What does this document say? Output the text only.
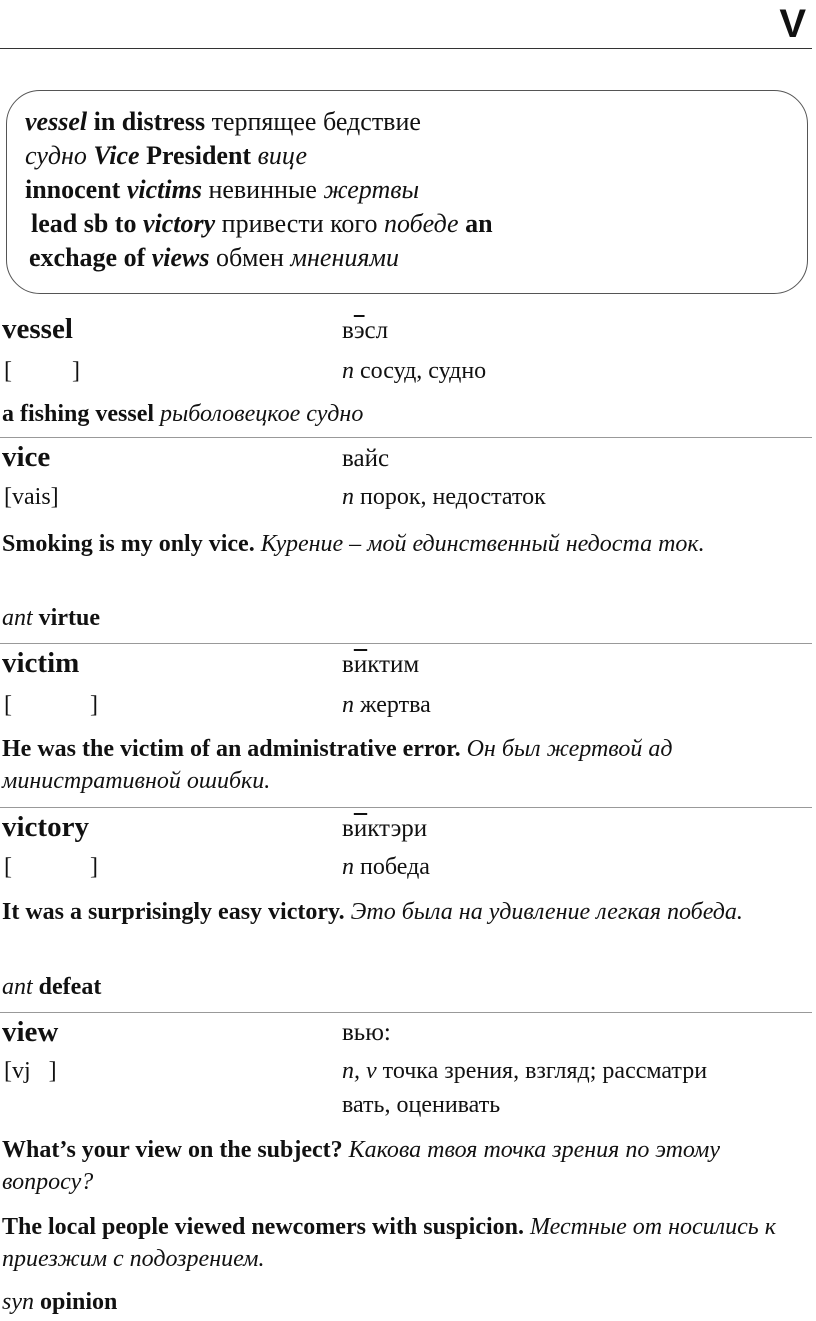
V
vessel in distress терпящее бедствие
судно Vice President вице
innocent victims невинные жертвы
lead sb to victory привести кого победе an
exchage of views обмен мнениями
vessel	вэсл
[          ]	n сосуд, судно
a fishing vessel рыболовецкое судно
vice	вайс
[vais]	n порок, недостаток
Smoking is my only vice. Курение – мой единственный недоста ток.
ant virtue
victim	виктим
[             ]	n жертва
He was the victim of an administrative error. Он был жертвой ад министративной ошибки.
victory	виктэри
[             ]	n победа
It was a surprisingly easy victory. Это была на удивление легкая победа.
ant defeat
view	вью:
[vj   ]	n, v точка зрения, взгляд; рассматри
вать, оценивать
What’s your view on the subject? Какова твоя точка зрения по этому вопросу?
The local people viewed newcomers with suspicion. Местные от носились к приезжим с подозрением.
syn opinion
